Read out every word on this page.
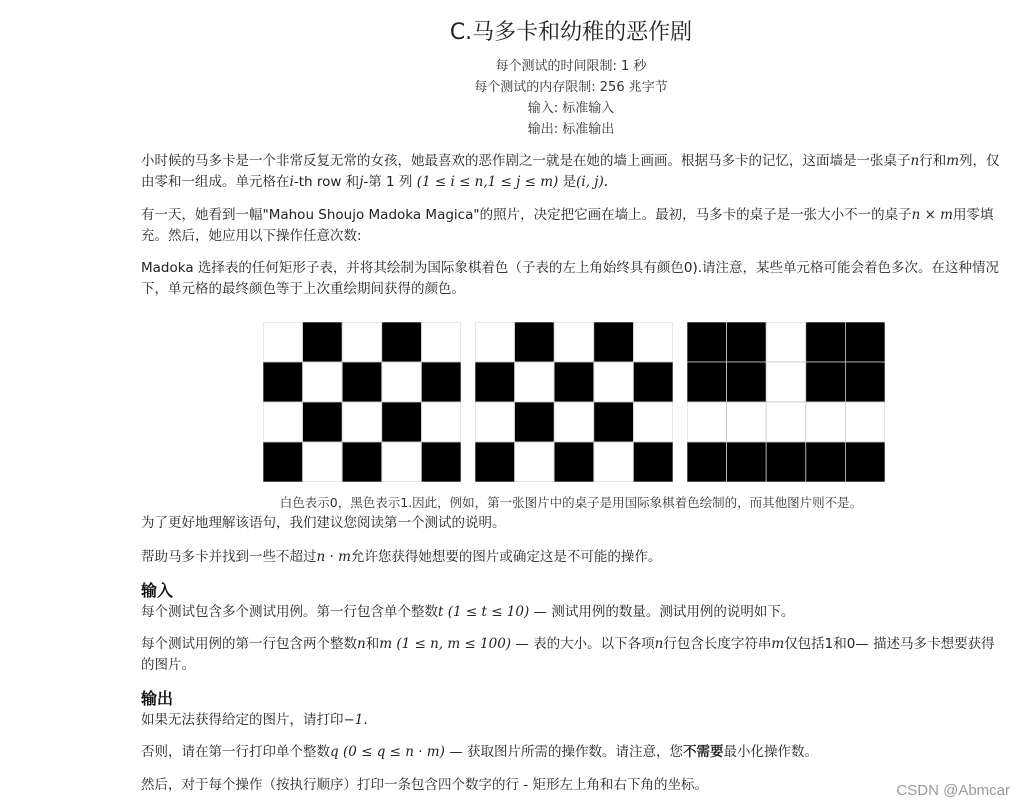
C.马多卡和幼稚的恶作剧
每个测试的时间限制: 1 秒
每个测试的内存限制: 256 兆字节
输入: 标准输入
输出: 标准输出

小时候的马多卡是一个非常反复无常的女孩，她最喜欢的恶作剧之一就是在她的墙上画画。根据马多卡的记忆，这面墙是一张桌子n行和m列，仅由零和一组成。单元格在i-th row 和j-第 1 列 (1 ≤ i ≤ n,1 ≤ j ≤ m) 是(i, j).

有一天，她看到一幅"Mahou Shoujo Madoka Magica"的照片，决定把它画在墙上。最初，马多卡的桌子是一张大小不一的桌子n × m用零填充。然后，她应用以下操作任意次数:

Madoka 选择表的任何矩形子表，并将其绘制为国际象棋着色（子表的左上角始终具有颜色0).请注意，某些单元格可能会着色多次。在这种情况下，单元格的最终颜色等于上次重绘期间获得的颜色。

白色表示0，黑色表示1.因此，例如，第一张图片中的桌子是用国际象棋着色绘制的，而其他图片则不是。

为了更好地理解该语句，我们建议您阅读第一个测试的说明。

帮助马多卡并找到一些不超过n · m允许您获得她想要的图片或确定这是不可能的操作。

输入

每个测试包含多个测试用例。第一行包含单个整数t (1 ≤ t ≤ 10) — 测试用例的数量。测试用例的说明如下。

每个测试用例的第一行包含两个整数n和m (1 ≤ n, m ≤ 100) — 表的大小。以下各项n行包含长度字符串m仅包括1和0— 描述马多卡想要获得的图片。

输出

如果无法获得给定的图片，请打印−1.

否则，请在第一行打印单个整数q (0 ≤ q ≤ n · m) — 获取图片所需的操作数。请注意，您不需要最小化操作数。

然后，对于每个操作（按执行顺序）打印一条包含四个数字的行 - 矩形左上角和右下角的坐标。	CSDN @Abmcar
